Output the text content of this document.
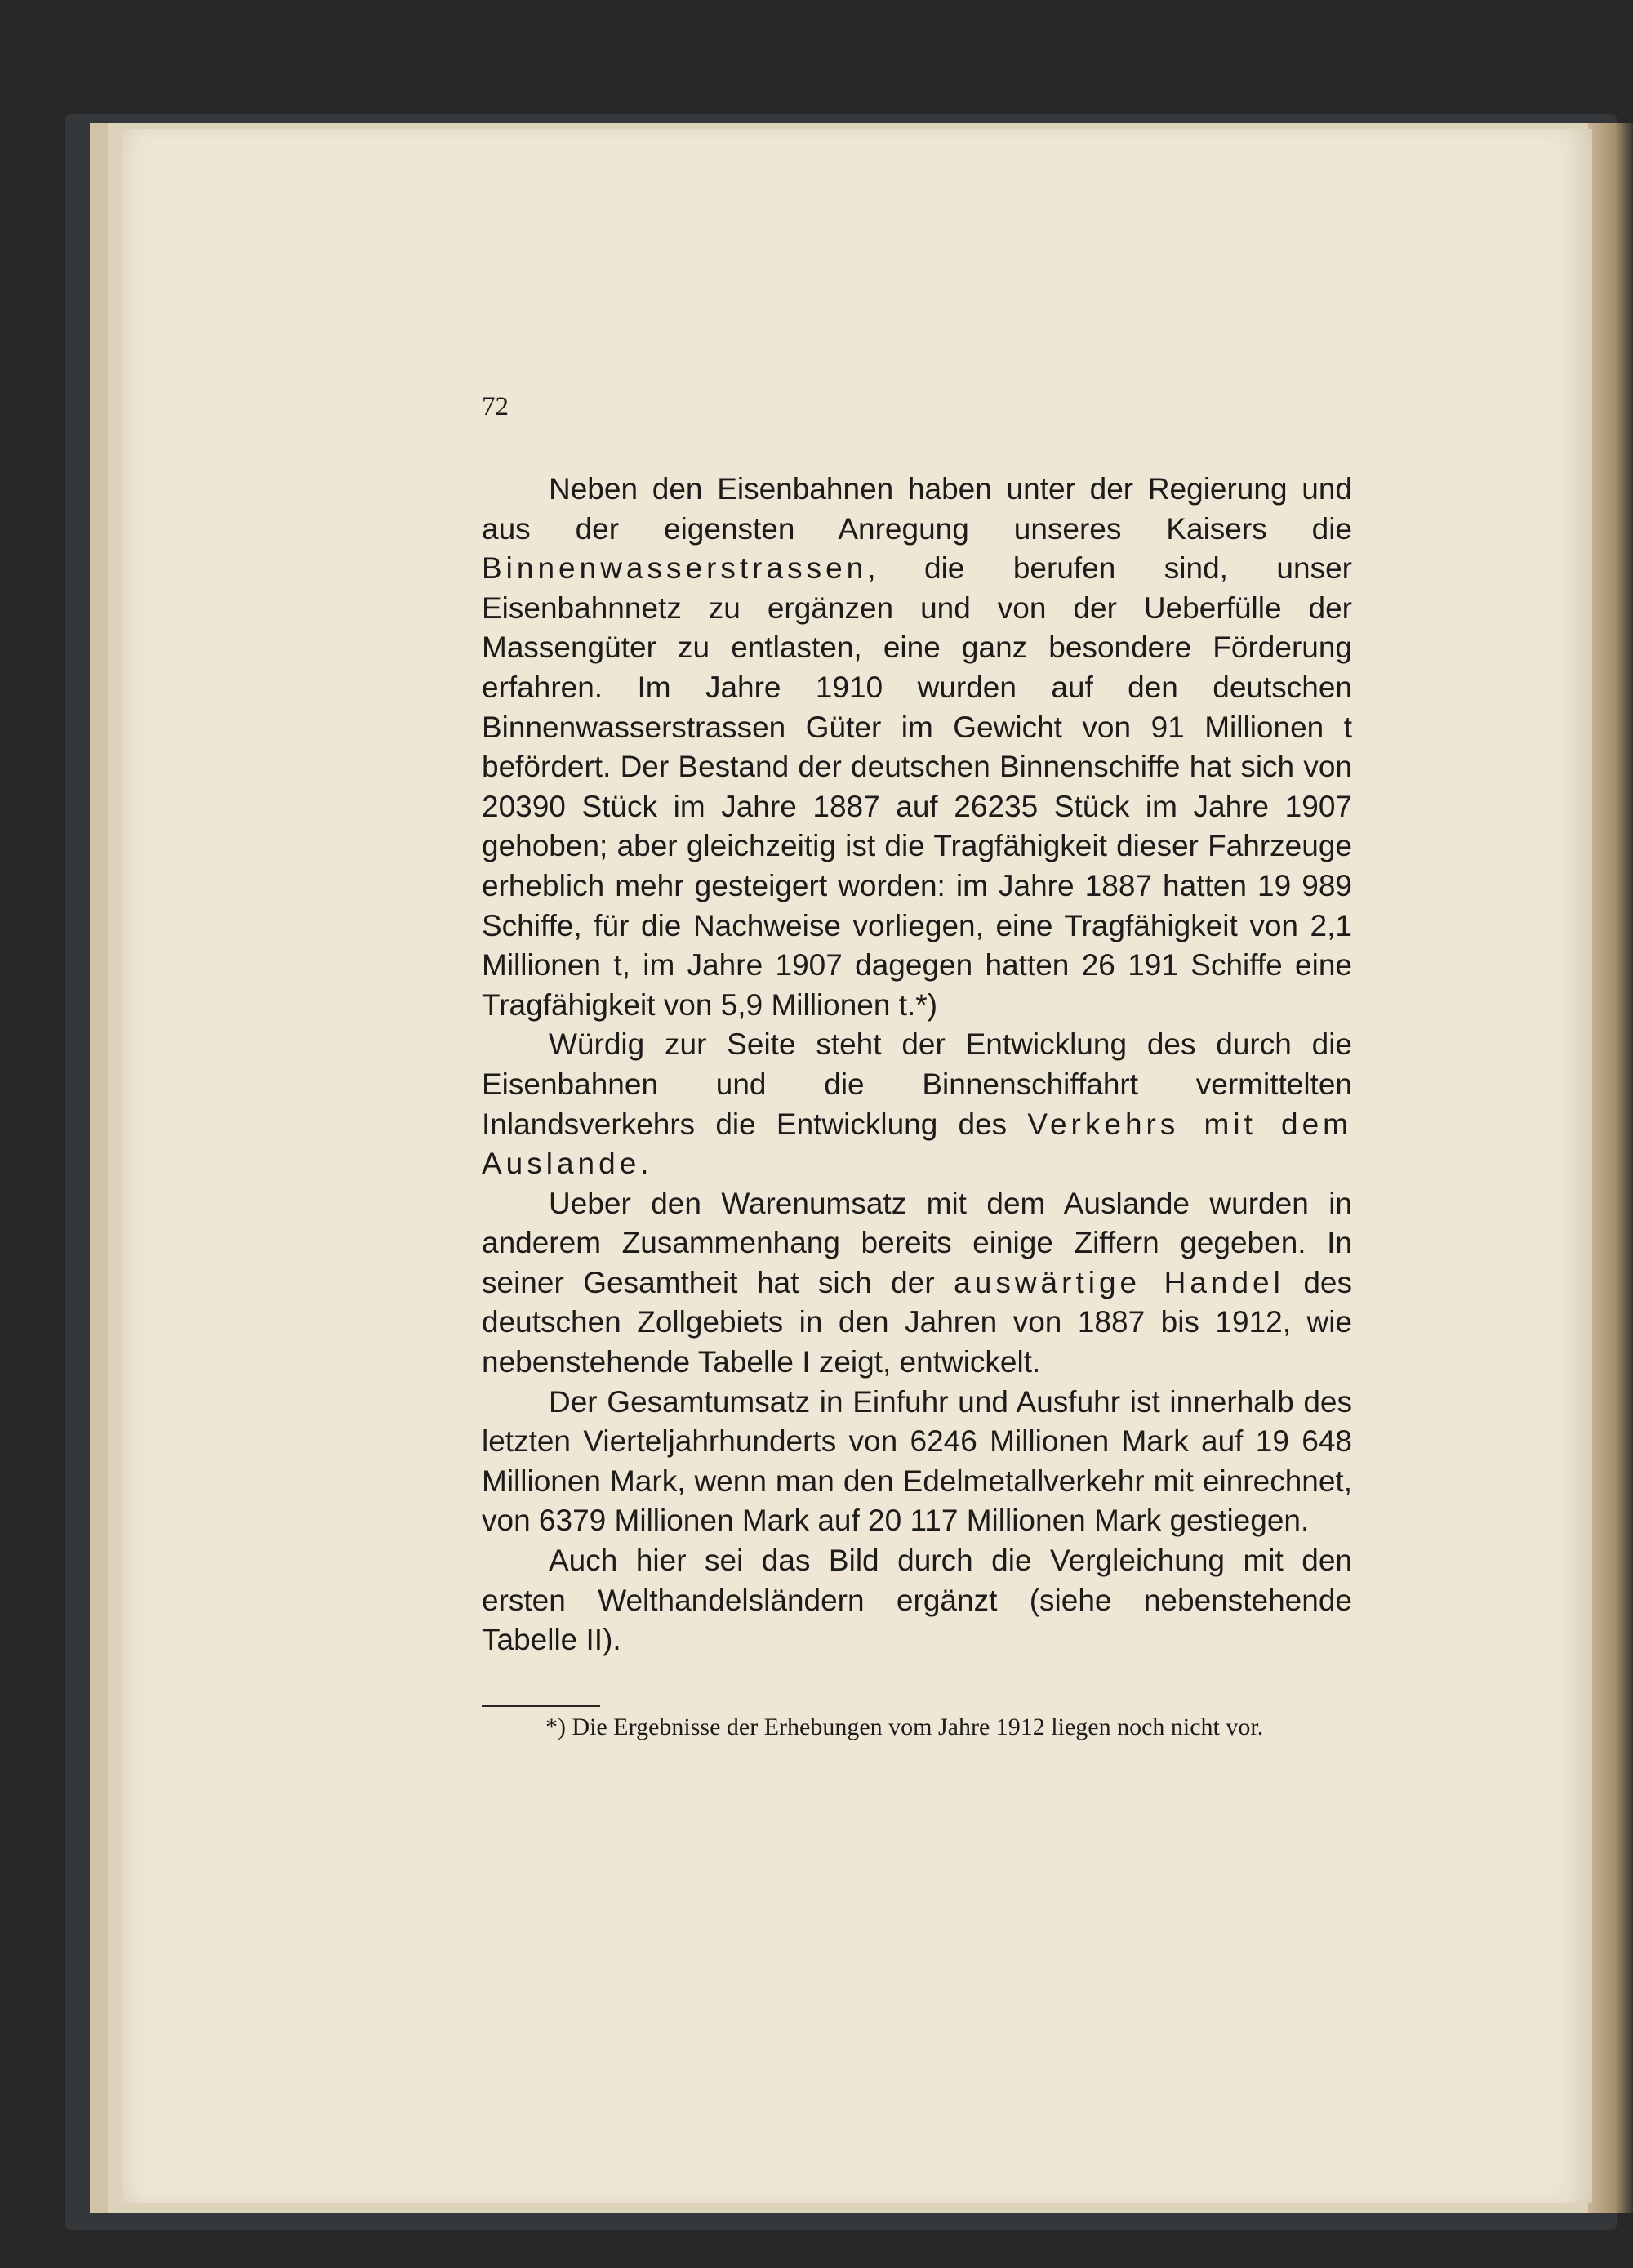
72

Neben den Eisenbahnen haben unter der Regierung und aus der eigensten Anregung unseres Kaisers die Binnenwasserstrassen, die berufen sind, unser Eisenbahnnetz zu ergänzen und von der Ueberfülle der Massengüter zu entlasten, eine ganz besondere Förderung erfahren. Im Jahre 1910 wurden auf den deutschen Binnenwasserstrassen Güter im Gewicht von 91 Millionen t befördert. Der Bestand der deutschen Binnenschiffe hat sich von 20390 Stück im Jahre 1887 auf 26235 Stück im Jahre 1907 gehoben; aber gleichzeitig ist die Tragfähigkeit dieser Fahrzeuge erheblich mehr gesteigert worden: im Jahre 1887 hatten 19 989 Schiffe, für die Nachweise vorliegen, eine Tragfähigkeit von 2,1 Millionen t, im Jahre 1907 dagegen hatten 26 191 Schiffe eine Tragfähigkeit von 5,9 Millionen t.*)

Würdig zur Seite steht der Entwicklung des durch die Eisenbahnen und die Binnenschiffahrt vermittelten Inlandsverkehrs die Entwicklung des Verkehrs mit dem Auslande.

Ueber den Warenumsatz mit dem Auslande wurden in anderem Zusammenhang bereits einige Ziffern gegeben. In seiner Gesamtheit hat sich der auswärtige Handel des deutschen Zollgebiets in den Jahren von 1887 bis 1912, wie nebenstehende Tabelle I zeigt, entwickelt.

Der Gesamtumsatz in Einfuhr und Ausfuhr ist innerhalb des letzten Vierteljahrhunderts von 6246 Millionen Mark auf 19 648 Millionen Mark, wenn man den Edelmetallverkehr mit einrechnet, von 6379 Millionen Mark auf 20 117 Millionen Mark gestiegen.

Auch hier sei das Bild durch die Vergleichung mit den ersten Welthandelsländern ergänzt (siehe nebenstehende Tabelle II).

*) Die Ergebnisse der Erhebungen vom Jahre 1912 liegen noch nicht vor.
